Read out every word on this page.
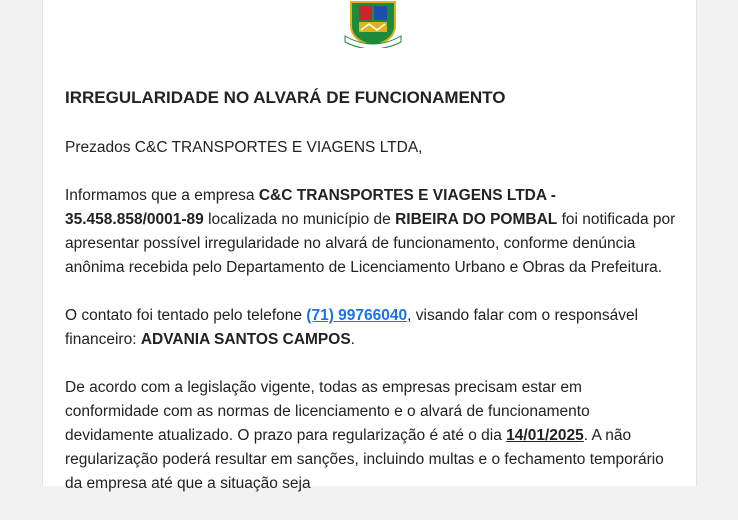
IRREGULARIDADE NO ALVARÁ DE FUNCIONAMENTO

Prezados C&C TRANSPORTES E VIAGENS LTDA,

Informamos que a empresa C&C TRANSPORTES E VIAGENS LTDA - 35.458.858/0001-89 localizada no município de RIBEIRA DO POMBAL foi notificada por apresentar possível irregularidade no alvará de funcionamento, conforme denúncia anônima recebida pelo Departamento de Licenciamento Urbano e Obras da Prefeitura.

O contato foi tentado pelo telefone (71) 99766040, visando falar com o responsável financeiro: ADVANIA SANTOS CAMPOS.

De acordo com a legislação vigente, todas as empresas precisam estar em conformidade com as normas de licenciamento e o alvará de funcionamento devidamente atualizado. O prazo para regularização é até o dia 14/01/2025. A não regularização poderá resultar em sanções, incluindo multas e o fechamento temporário da empresa até que a situação seja
